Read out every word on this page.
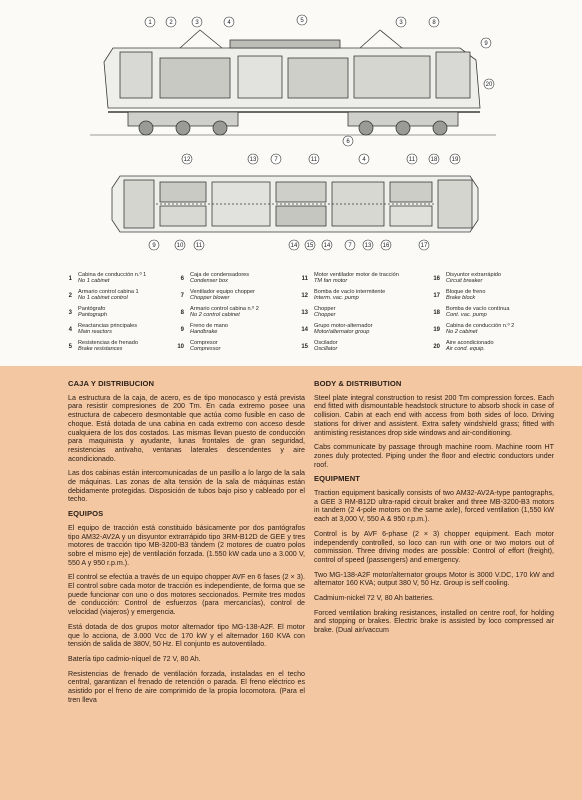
1	2	3	4	5	3	8
9
20
6
12	13	7	11	4	11	18 19
9	10 11	14 15 14	7 13 16	17
1
Cabina de conducción n.º 1
No 1 cabinet
2
Armario control cabina 1
No 1 cabinet control
3
Pantógrafo
Pantograph
4
Reactancias principales
Main reactors
5
Resistencias de frenado
Brake resistances
6
Caja de condensadores
Condenser box
7
Ventilador equipo chopper
Chopper blower
8
Armario control cabina n.º 2
No 2 control cabinet
9
Freno de mano
Handbrake
10
Compresor
Compressor
11
Motor ventilador motor de tracción
TM fan motor
12
Bomba de vacío intermitente
Interm. vac. pump
13
Chopper
Chopper
14
Grupo motor-alternador
Motor/alternator group
15
Oscilador
Oscillator
16
Disyuntor extrarrápido
Circuit breaker
17
Bloque de freno
Brake block
18
Bomba de vacío contínua
Cont. vac. pump
19
Cabina de conducción n.º 2
No 2 cabinet
20
Aire acondicionado
Air cond. equip.
CAJA Y DISTRIBUCION

La estructura de la caja, de acero, es de tipo monocasco y está prevista para resistir compresiones de 200 Tm. En cada extremo posee una estructura de cabecero desmontable que actúa como fusible en caso de choque. Está dotada de una cabina en cada extremo con acceso desde cualquiera de los dos costados. Las mismas llevan puesto de conducción para maquinista y ayudante, lunas frontales de gran seguridad, resistencias antivaho, ventanas laterales descendentes y aire acondicionado.

Las dos cabinas están intercomunicadas de un pasillo a lo largo de la sala de máquinas. Las zonas de alta tensión de la sala de máquinas están debidamente protegidas. Disposición de tubos bajo piso y cableado por el techo.

EQUIPOS

El equipo de tracción está constituido básicamente por dos pantógrafos tipo AM32-AV2A y un disyuntor extrarrápido tipo 3RM-B12D de GEE y tres motores de tracción tipo MB-3200-B3 tándem (2 motores de cuatro polos sobre el mismo eje) de ventilación forzada. (1.550 kW cada uno a 3.000 V, 550 A y 950 r.p.m.).

El control se efectúa a través de un equipo chopper AVF en 6 fases (2 × 3). El control sobre cada motor de tracción es independiente, de forma que se puede funcionar con uno o dos motores seccionados. Permite tres modos de conducción: Control de esfuerzos (para mercancías), control de velocidad (viajeros) y emergencia.

Está dotada de dos grupos motor alternador tipo MG-138-A2F. El motor que lo acciona, de 3.000 Vcc de 170 kW y el alternador 160 KVA con tensión de salida de 380V, 50 Hz. El conjunto es autoventilado.

Batería tipo cadmio-níquel de 72 V, 80 Ah.

Resistencias de frenado de ventilación forzada, instaladas en el techo central, garantizan el frenado de retención o parada. El freno eléctrico es asistido por el freno de aire comprimido de la propia locomotora. (Para el tren lleva

BODY & DISTRIBUTION

Steel plate integral construction to resist 200 Tm compression forces. Each end fitted with dismountable headstock structure to absorb shock in case of collision. Cabin at each end with access from both sides of loco. Driving stations for driver and assistent. Extra safety windshield grass; fitted with antimisting resistances drop side windows and air-conditioning.

Cabs communicate by passage through machine room. Machine room HT zones duly protected. Piping under the floor and electric conductors under roof.

EQUIPMENT

Traction equipment basically consists of two AM32-AV2A-type pantographs, a GEE 3 RM-B12D ultra-rapid circuit braker and three MB-3200-B3 motors in tandem (2 4-pole motors on the same axle), forced ventilation (1,550 kW each at 3,000 V, 550 A & 950 r.p.m.).

Control is by AVF 6-phase (2 × 3) chopper equipment. Each motor independently controlled, so loco can run with one or two motors out of commission. Three driving modes are possible: Control of effort (freight), control of speed (passengers) and emergency.

Two MG-138-A2F motor/alternator groups Motor is 3000 V.DC, 170 kW and alternator 160 KVA; output 380 V, 50 Hz. Group is self cooling.

Cadmium-nickel 72 V, 80 Ah batteries.

Forced ventilation braking resistances, installed on centre roof, for holding and stopping or brakes. Electric brake is assisted by loco compressed air brake. (Dual air/vaccum
